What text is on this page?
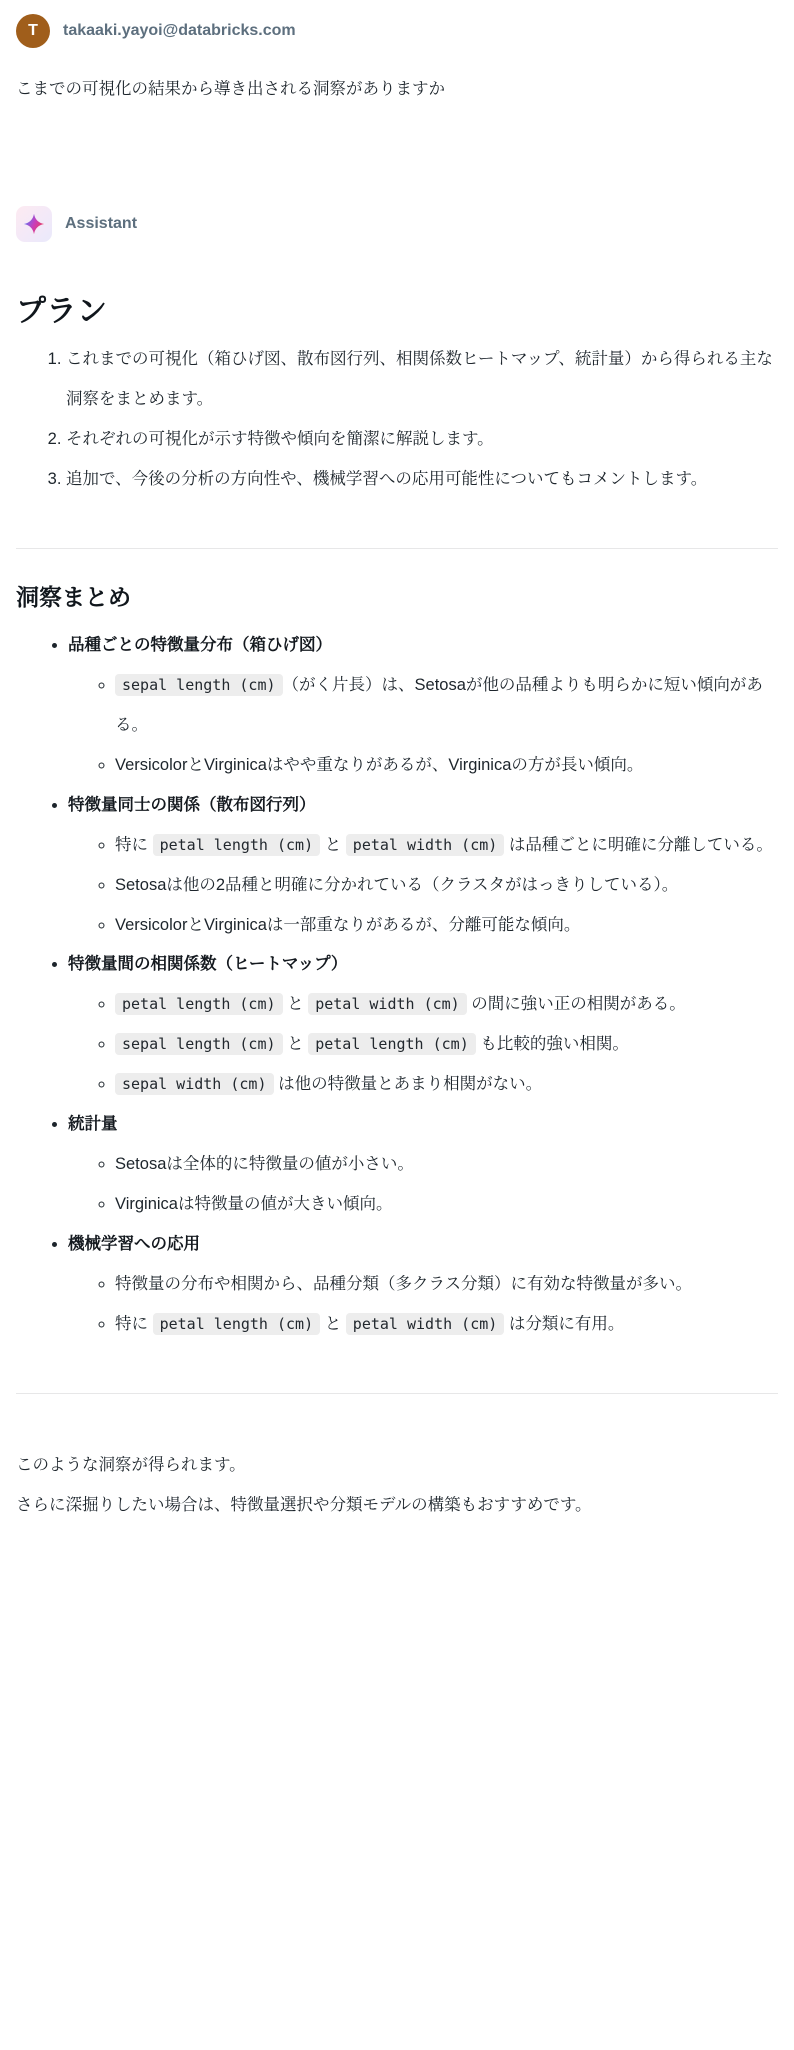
T	takaaki.yayoi@databricks.com
こまでの可視化の結果から導き出される洞察がありますか
Assistant
プラン
1. これまでの可視化（箱ひげ図、散布図行列、相関係数ヒートマップ、統計量）から得られる主な洞察をまとめます。
2. それぞれの可視化が示す特徴や傾向を簡潔に解説します。
3. 追加で、今後の分析の方向性や、機械学習への応用可能性についてもコメントします。
洞察まとめ
• 品種ごとの特徴量分布（箱ひげ図）
◦ sepal length (cm) （がく片長）は、Setosaが他の品種よりも明らかに短い傾向がある。
◦ VersicolorとVirginicaはやや重なりがあるが、Virginicaの方が長い傾向。
• 特徴量同士の関係（散布図行列）
◦ 特に petal length (cm) と petal width (cm) は品種ごとに明確に分離している。
◦ Setosaは他の2品種と明確に分かれている（クラスタがはっきりしている）。
◦ VersicolorとVirginicaは一部重なりがあるが、分離可能な傾向。
• 特徴量間の相関係数（ヒートマップ）
◦ petal length (cm) と petal width (cm) の間に強い正の相関がある。
◦ sepal length (cm) と petal length (cm) も比較的強い相関。
◦ sepal width (cm) は他の特徴量とあまり相関がない。
• 統計量
◦ Setosaは全体的に特徴量の値が小さい。
◦ Virginicaは特徴量の値が大きい傾向。
• 機械学習への応用
◦ 特徴量の分布や相関から、品種分類（多クラス分類）に有効な特徴量が多い。
◦ 特に petal length (cm) と petal width (cm) は分類に有用。
このような洞察が得られます。
さらに深掘りしたい場合は、特徴量選択や分類モデルの構築もおすすめです。
